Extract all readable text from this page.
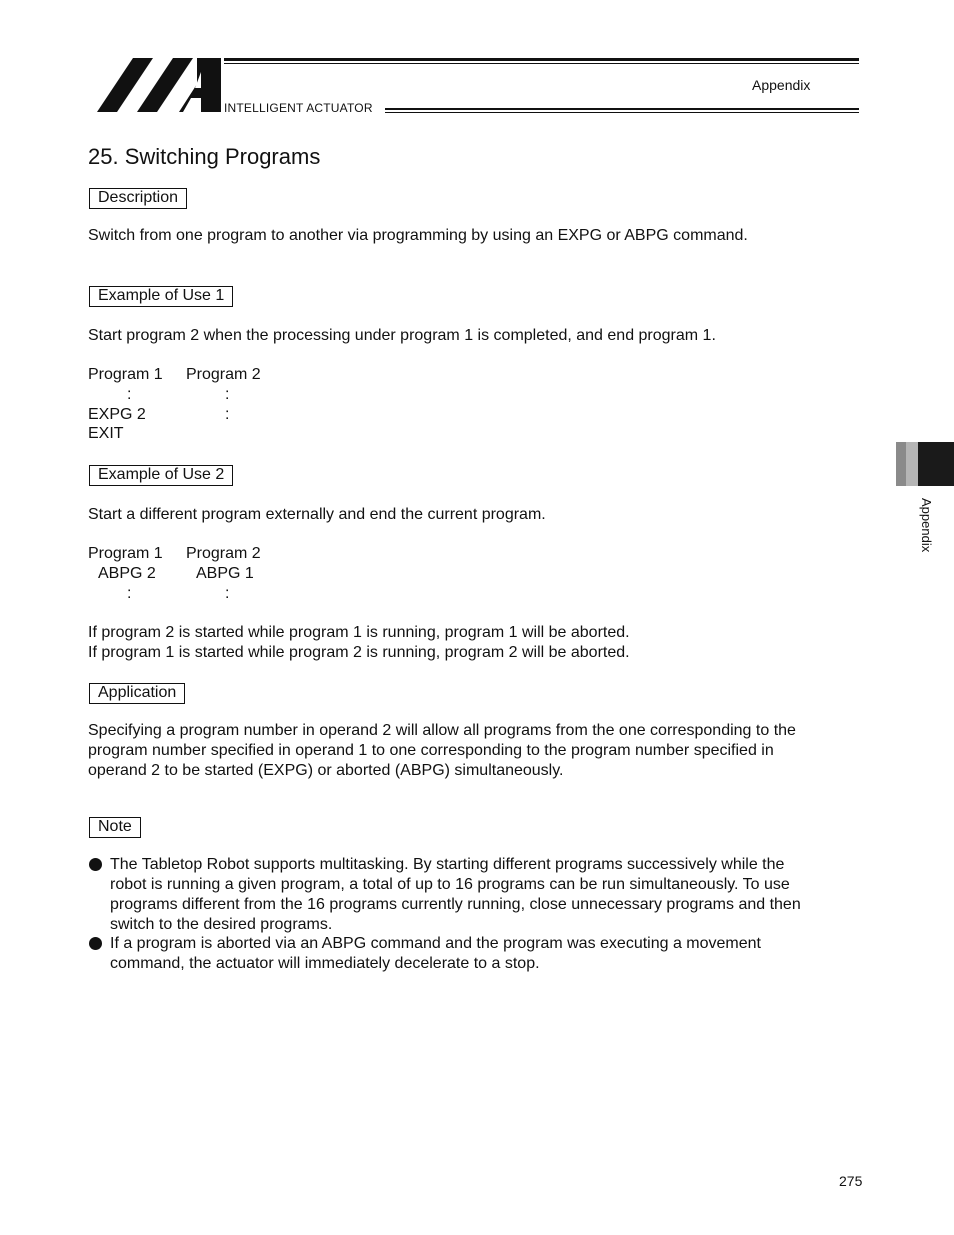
INTELLIGENT ACTUATOR
Appendix
25. Switching Programs
Description
Switch from one program to another via programming by using an EXPG or ABPG command.
Example of Use 1
Start program 2 when the processing under program 1 is completed, and end program 1.
Program 1 Program 2
:	:
EXPG 2	:
EXIT
Example of Use 2
Start a different program externally and end the current program.
Program 1 Program 2
ABPG 2	ABPG 1
:	:
If program 2 is started while program 1 is running, program 1 will be aborted.
If program 1 is started while program 2 is running, program 2 will be aborted.
Application
Specifying a program number in operand 2 will allow all programs from the one corresponding to the
program number specified in operand 1 to one corresponding to the program number specified in
operand 2 to be started (EXPG) or aborted (ABPG) simultaneously.
Note
The Tabletop Robot supports multitasking. By starting different programs successively while the
robot is running a given program, a total of up to 16 programs can be run simultaneously. To use
programs different from the 16 programs currently running, close unnecessary programs and then
switch to the desired programs.
If a program is aborted via an ABPG command and the program was executing a movement
command, the actuator will immediately decelerate to a stop.
Appendix
275
